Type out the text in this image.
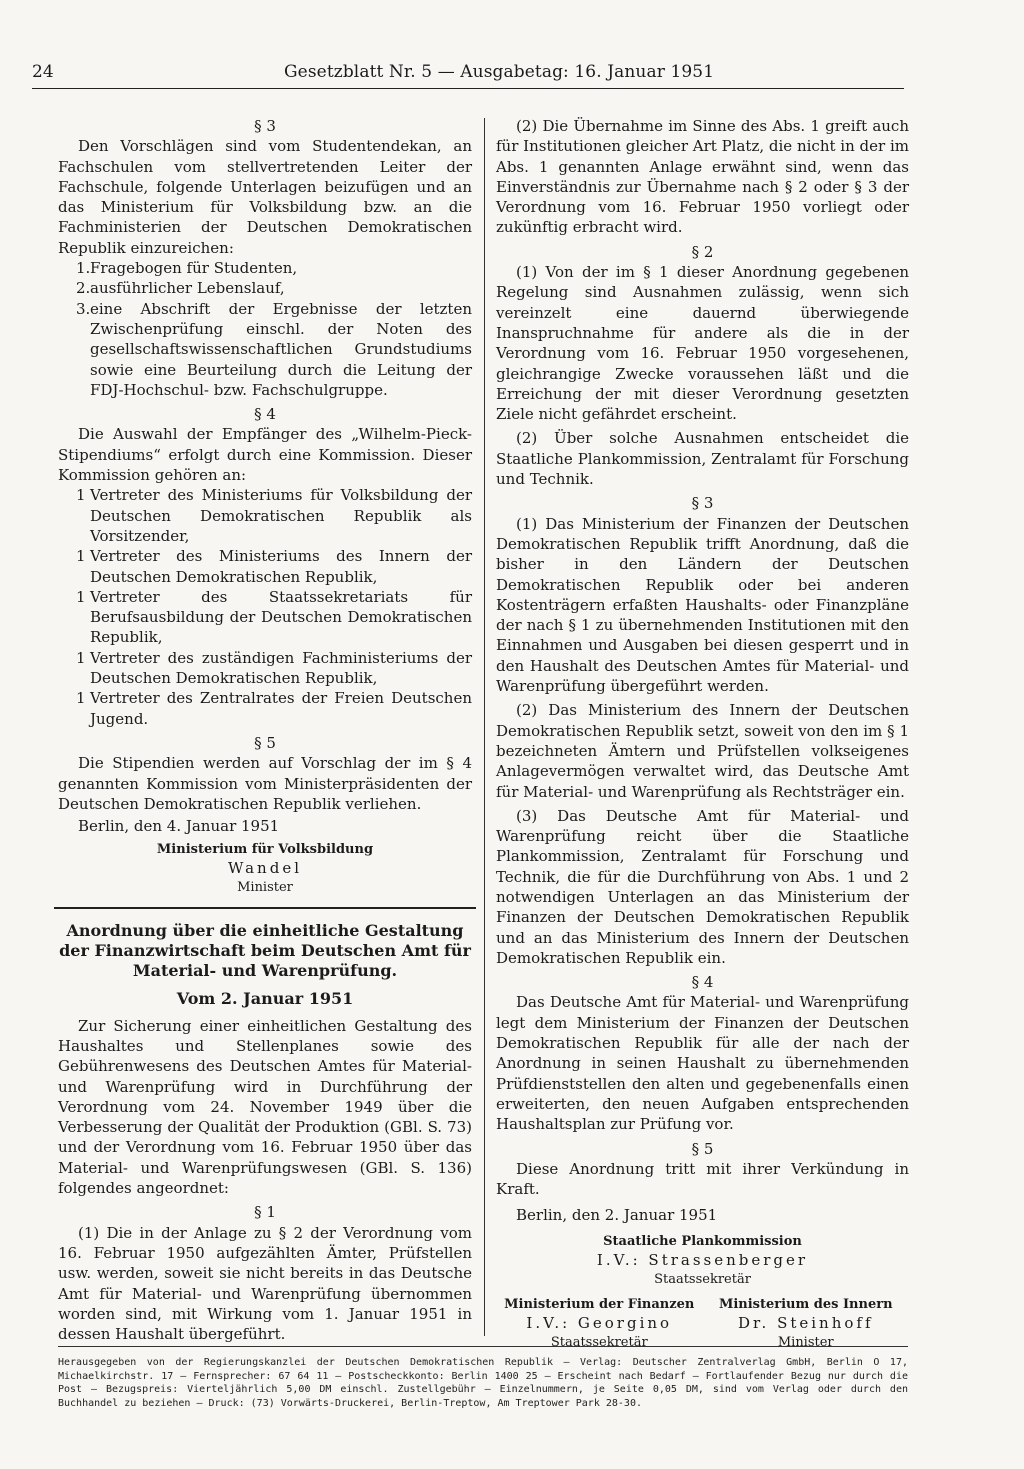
24	Gesetzblatt Nr. 5 — Ausgabetag: 16. Januar 1951

§ 3

Den Vorschlägen sind vom Studentendekan, an Fachschulen vom stellvertretenden Leiter der Fachschule, folgende Unterlagen beizufügen und an das Ministerium für Volksbildung bzw. an die Fachministerien der Deutschen Demokratischen Republik einzureichen:

1. Fragebogen für Studenten,
2. ausführlicher Lebenslauf,
3. eine Abschrift der Ergebnisse der letzten Zwischenprüfung einschl. der Noten des gesellschaftswissenschaftlichen Grundstudiums sowie eine Beurteilung durch die Leitung der FDJ-Hochschul- bzw. Fachschulgruppe.

§ 4

Die Auswahl der Empfänger des „Wilhelm-Pieck-Stipendiums“ erfolgt durch eine Kommission. Dieser Kommission gehören an:

1 Vertreter des Ministeriums für Volksbildung der Deutschen Demokratischen Republik als Vorsitzender,
1 Vertreter des Ministeriums des Innern der Deutschen Demokratischen Republik,
1 Vertreter des Staatssekretariats für Berufsausbildung der Deutschen Demokratischen Republik,
1 Vertreter des zuständigen Fachministeriums der Deutschen Demokratischen Republik,
1 Vertreter des Zentralrates der Freien Deutschen Jugend.

§ 5

Die Stipendien werden auf Vorschlag der im § 4 genannten Kommission vom Ministerpräsidenten der Deutschen Demokratischen Republik verliehen.

Berlin, den 4. Januar 1951

Ministerium für Volksbildung
Wandel
Minister

Anordnung über die einheitliche Gestaltung der Finanzwirtschaft beim Deutschen Amt für Material- und Warenprüfung.

Vom 2. Januar 1951

Zur Sicherung einer einheitlichen Gestaltung des Haushaltes und Stellenplanes sowie des Gebührenwesens des Deutschen Amtes für Material- und Warenprüfung wird in Durchführung der Verordnung vom 24. November 1949 über die Verbesserung der Qualität der Produktion (GBl. S. 73) und der Verordnung vom 16. Februar 1950 über das Material- und Warenprüfungswesen (GBl. S. 136) folgendes angeordnet:

§ 1

(1) Die in der Anlage zu § 2 der Verordnung vom 16. Februar 1950 aufgezählten Ämter, Prüfstellen usw. werden, soweit sie nicht bereits in das Deutsche Amt für Material- und Warenprüfung übernommen worden sind, mit Wirkung vom 1. Januar 1951 in dessen Haushalt übergeführt.

(2) Die Übernahme im Sinne des Abs. 1 greift auch für Institutionen gleicher Art Platz, die nicht in der im Abs. 1 genannten Anlage erwähnt sind, wenn das Einverständnis zur Übernahme nach § 2 oder § 3 der Verordnung vom 16. Februar 1950 vorliegt oder zukünftig erbracht wird.

§ 2

(1) Von der im § 1 dieser Anordnung gegebenen Regelung sind Ausnahmen zulässig, wenn sich vereinzelt eine dauernd überwiegende Inanspruchnahme für andere als die in der Verordnung vom 16. Februar 1950 vorgesehenen, gleichrangige Zwecke voraussehen läßt und die Erreichung der mit dieser Verordnung gesetzten Ziele nicht gefährdet erscheint.

(2) Über solche Ausnahmen entscheidet die Staatliche Plankommission, Zentralamt für Forschung und Technik.

§ 3

(1) Das Ministerium der Finanzen der Deutschen Demokratischen Republik trifft Anordnung, daß die bisher in den Ländern der Deutschen Demokratischen Republik oder bei anderen Kostenträgern erfaßten Haushalts- oder Finanzpläne der nach § 1 zu übernehmenden Institutionen mit den Einnahmen und Ausgaben bei diesen gesperrt und in den Haushalt des Deutschen Amtes für Material- und Warenprüfung übergeführt werden.

(2) Das Ministerium des Innern der Deutschen Demokratischen Republik setzt, soweit von den im § 1 bezeichneten Ämtern und Prüfstellen volkseigenes Anlagevermögen verwaltet wird, das Deutsche Amt für Material- und Warenprüfung als Rechtsträger ein.

(3) Das Deutsche Amt für Material- und Warenprüfung reicht über die Staatliche Plankommission, Zentralamt für Forschung und Technik, die für die Durchführung von Abs. 1 und 2 notwendigen Unterlagen an das Ministerium der Finanzen der Deutschen Demokratischen Republik und an das Ministerium des Innern der Deutschen Demokratischen Republik ein.

§ 4

Das Deutsche Amt für Material- und Warenprüfung legt dem Ministerium der Finanzen der Deutschen Demokratischen Republik für alle der nach der Anordnung in seinen Haushalt zu übernehmenden Prüfdienststellen den alten und gegebenenfalls einen erweiterten, den neuen Aufgaben entsprechenden Haushaltsplan zur Prüfung vor.

§ 5

Diese Anordnung tritt mit ihrer Verkündung in Kraft.

Berlin, den 2. Januar 1951

Staatliche Plankommission
I.V.: Strassenberger
Staatssekretär
Ministerium der Finanzen
I.V.: Georgino
Staatssekretär
Ministerium des Innern
Dr. Steinhoff
Minister
Herausgegeben von der Regierungskanzlei der Deutschen Demokratischen Republik — Verlag: Deutscher Zentralverlag GmbH, Berlin O 17, Michaelkirchstr. 17 — Fernsprecher: 67 64 11 — Postscheckkonto: Berlin 1400 25 — Erscheint nach Bedarf — Fortlaufender Bezug nur durch die Post — Bezugspreis: Vierteljährlich 5,00 DM einschl. Zustellgebühr — Einzelnummern, je Seite 0,05 DM, sind vom Verlag oder durch den Buchhandel zu beziehen — Druck: (73) Vorwärts-Druckerei, Berlin-Treptow, Am Treptower Park 28-30.
